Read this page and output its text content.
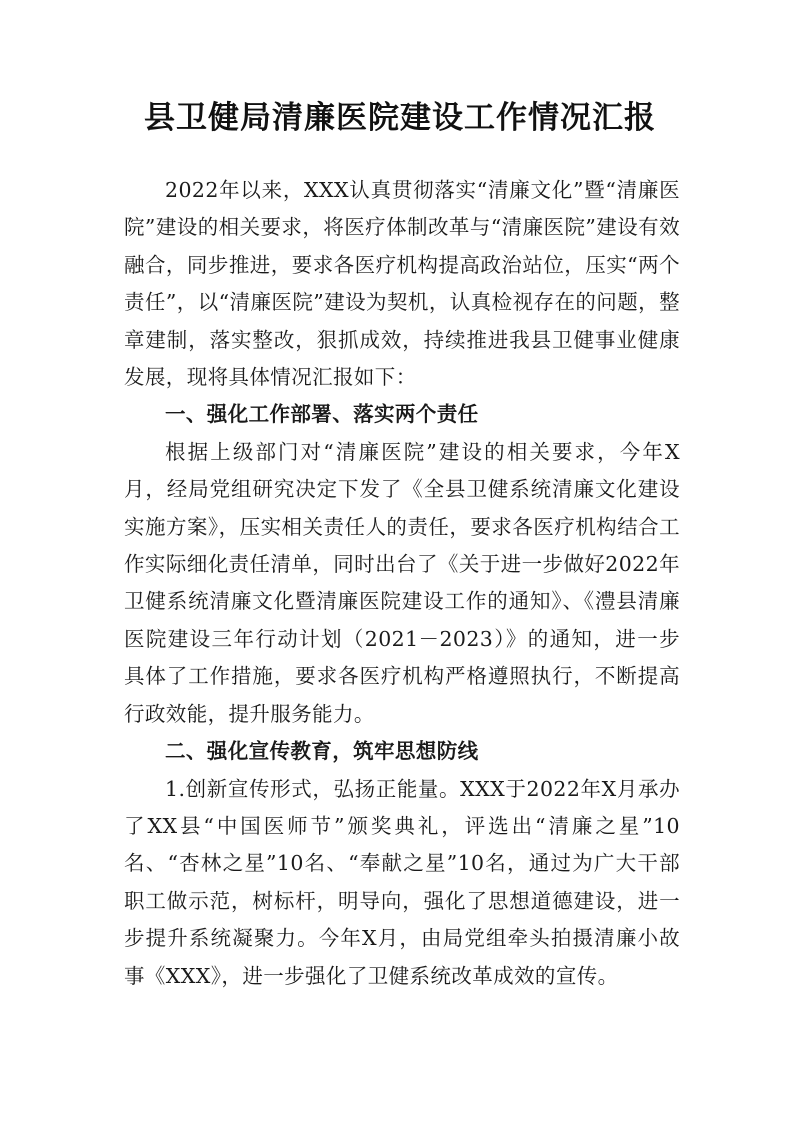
县卫健局清廉医院建设工作情况汇报

2022年以来，XXX认真贯彻落实“清廉文化”暨“清廉医院”建设的相关要求，将医疗体制改革与“清廉医院”建设有效融合，同步推进，要求各医疗机构提高政治站位，压实“两个责任”，以“清廉医院”建设为契机，认真检视存在的问题，整章建制，落实整改，狠抓成效，持续推进我县卫健事业健康发展，现将具体情况汇报如下：

一、强化工作部署、落实两个责任

根据上级部门对“清廉医院”建设的相关要求，今年X月，经局党组研究决定下发了《全县卫健系统清廉文化建设实施方案》，压实相关责任人的责任，要求各医疗机构结合工作实际细化责任清单，同时出台了《关于进一步做好2022年卫健系统清廉文化暨清廉医院建设工作的通知》、《澧县清廉医院建设三年行动计划（2021－2023）》的通知，进一步具体了工作措施，要求各医疗机构严格遵照执行，不断提高行政效能，提升服务能力。

二、强化宣传教育，筑牢思想防线

1.创新宣传形式，弘扬正能量。XXX于2022年X月承办了XX县“中国医师节”颁奖典礼，评选出“清廉之星”10名、“杏林之星”10名、“奉献之星”10名，通过为广大干部职工做示范，树标杆，明导向，强化了思想道德建设，进一步提升系统凝聚力。今年X月，由局党组牵头拍摄清廉小故事《XXX》，进一步强化了卫健系统改革成效的宣传。
